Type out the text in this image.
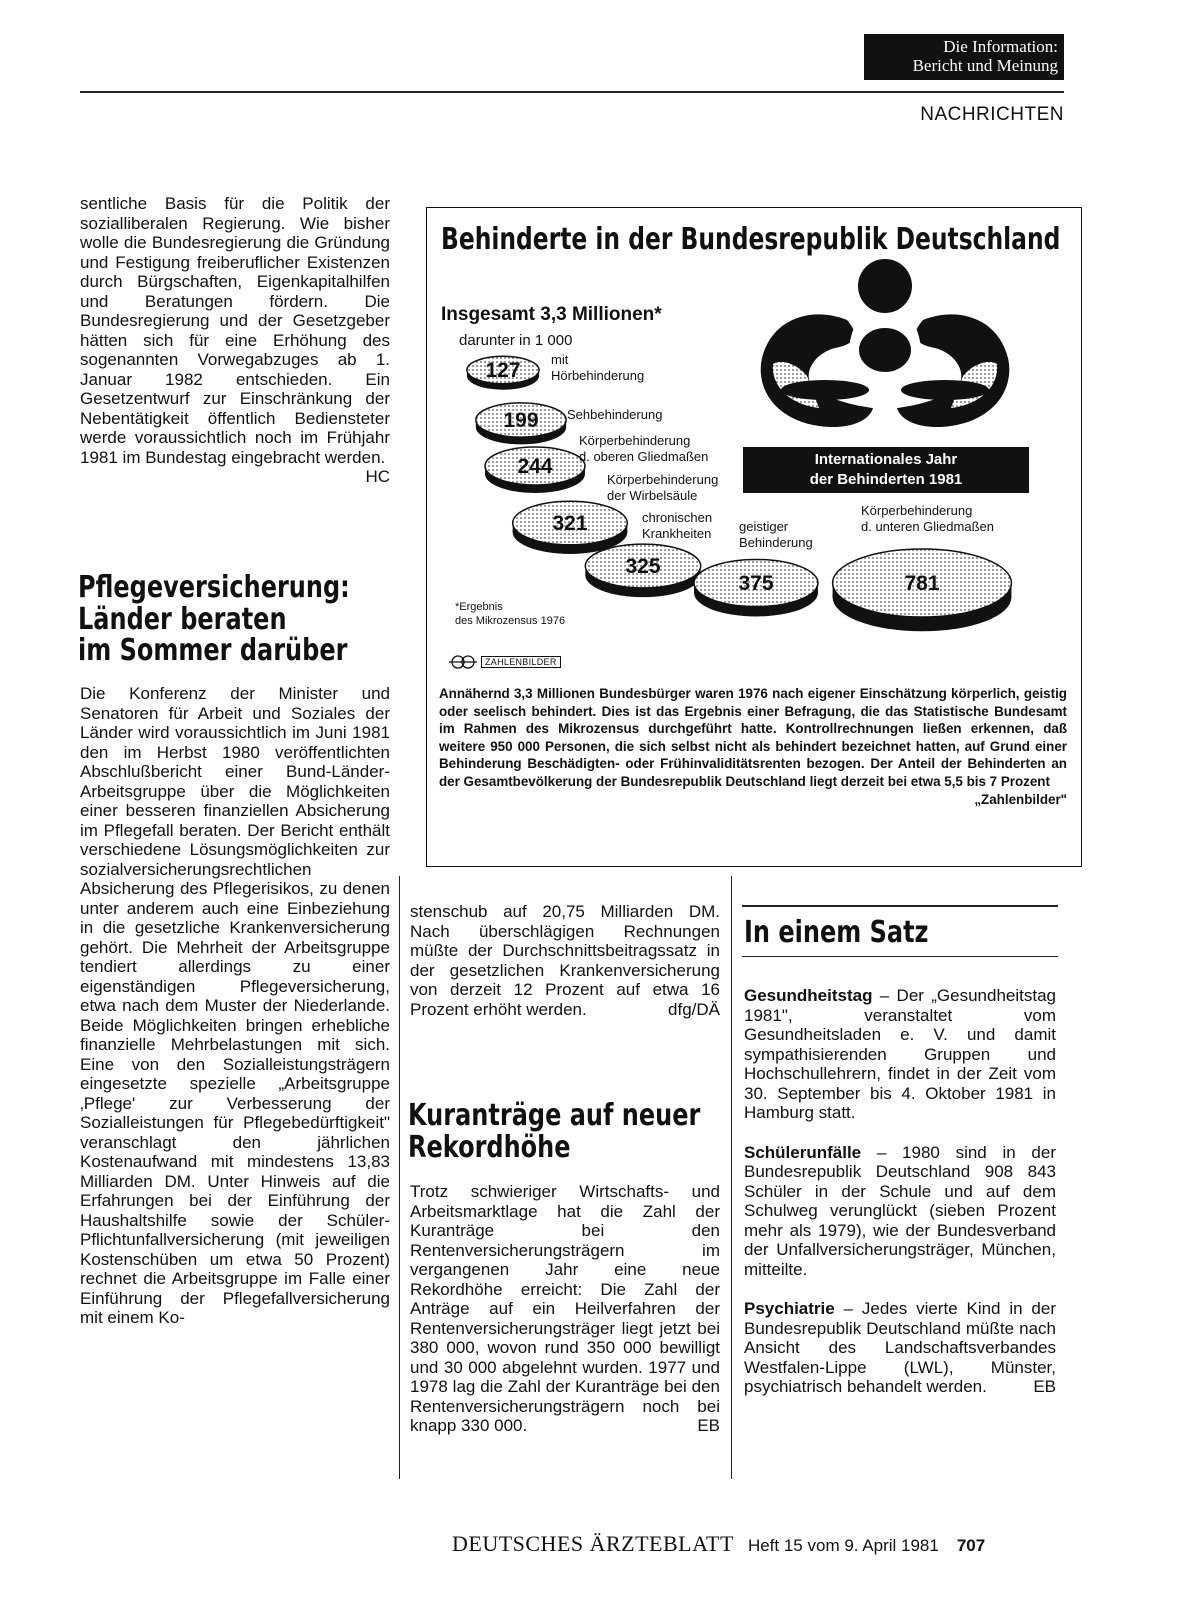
Die Information:
Bericht und Meinung
NACHRICHTEN

sentliche Basis für die Politik der sozialliberalen Regierung. Wie bisher wolle die Bundesregierung die Gründung und Festigung freiberuflicher Existenzen durch Bürgschaften, Eigenkapitalhilfen und Beratungen fördern. Die Bundesregierung und der Gesetzgeber hätten sich für eine Erhöhung des sogenannten Vorwegabzuges ab 1. Januar 1982 entschieden. Ein Gesetzentwurf zur Einschränkung der Nebentätigkeit öffentlich Bediensteter werde voraussichtlich noch im Frühjahr 1981 im Bundestag eingebracht werden.
HC

Pflegeversicherung:
Länder beraten
im Sommer darüber

Die Konferenz der Minister und Senatoren für Arbeit und Soziales der Länder wird voraussichtlich im Juni 1981 den im Herbst 1980 veröffentlichten Abschlußbericht einer Bund-Länder-Arbeitsgruppe über die Möglichkeiten einer besseren finanziellen Absicherung im Pflegefall beraten. Der Bericht enthält verschiedene Lösungsmöglichkeiten zur sozialversicherungsrechtlichen Absicherung des Pflegerisikos, zu denen unter anderem auch eine Einbeziehung in die gesetzliche Krankenversicherung gehört. Die Mehrheit der Arbeitsgruppe tendiert allerdings zu einer eigenständigen Pflegeversicherung, etwa nach dem Muster der Niederlande. Beide Möglichkeiten bringen erhebliche finanzielle Mehrbelastungen mit sich. Eine von den Sozialleistungsträgern eingesetzte spezielle „Arbeitsgruppe ‚Pflege' zur Verbesserung der Sozialleistungen für Pflegebedürftigkeit" veranschlagt den jährlichen Kostenaufwand mit mindestens 13,83 Milliarden DM. Unter Hinweis auf die Erfahrungen bei der Einführung der Haushaltshilfe sowie der Schüler-Pflichtunfallversicherung (mit jeweiligen Kostenschüben um etwa 50 Prozent) rechnet die Arbeitsgruppe im Falle einer Einführung der Pflegefallversicherung mit einem Ko-

Behinderte in der Bundesrepublik Deutschland
Insgesamt 3,3 Millionen*
darunter in 1 000
127
199
244
321
325
375	781
mit
Hörbehinderung
Sehbehinderung
Körperbehinderung
d. oberen Gliedmaßen
Körperbehinderung
der Wirbelsäule
chronischen
Krankheiten geistiger
Behinderung
Körperbehinderung
d. unteren Gliedmaßen
Internationales Jahr
der Behinderten 1981
*Ergebnis
des Mikrozensus 1976
ZAHLENBILDER
Annähernd 3,3 Millionen Bundesbürger waren 1976 nach eigener Einschätzung körperlich, geistig oder seelisch behindert. Dies ist das Ergebnis einer Befragung, die das Statistische Bundesamt im Rahmen des Mikrozensus durchgeführt hatte. Kontrollrechnungen ließen erkennen, daß weitere 950 000 Personen, die sich selbst nicht als behindert bezeichnet hatten, auf Grund einer Behinderung Beschädigten- oder Frühinvaliditätsrenten bezogen. Der Anteil der Behinderten an der Gesamtbevölkerung der Bundesrepublik Deutschland liegt derzeit bei etwa 5,5 bis 7 Prozent
„Zahlenbilder"

stenschub auf 20,75 Milliarden DM. Nach überschlägigen Rechnungen müßte der Durchschnittsbeitragssatz in der gesetzlichen Krankenversicherung von derzeit 12 Prozent auf etwa 16 Prozent erhöht werden.	dfg/DÄ

Kuranträge auf neuer
Rekordhöhe

Trotz schwieriger Wirtschafts- und Arbeitsmarktlage hat die Zahl der Kuranträge bei den Rentenversicherungsträgern im vergangenen Jahr eine neue Rekordhöhe erreicht: Die Zahl der Anträge auf ein Heilverfahren der Rentenversicherungsträger liegt jetzt bei 380 000, wovon rund 350 000 bewilligt und 30 000 abgelehnt wurden. 1977 und 1978 lag die Zahl der Kuranträge bei den Rentenversicherungsträgern noch bei knapp 330 000.	EB

In einem Satz

Gesundheitstag – Der „Gesundheitstag 1981", veranstaltet vom Gesundheitsladen e. V. und damit sympathisierenden Gruppen und Hochschullehrern, findet in der Zeit vom 30. September bis 4. Oktober 1981 in Hamburg statt.

Schülerunfälle – 1980 sind in der Bundesrepublik Deutschland 908 843 Schüler in der Schule und auf dem Schulweg verunglückt (sieben Prozent mehr als 1979), wie der Bundesverband der Unfallversicherungsträger, München, mitteilte.

Psychiatrie – Jedes vierte Kind in der Bundesrepublik Deutschland müßte nach Ansicht des Landschaftsverbandes Westfalen-Lippe (LWL), Münster, psychiatrisch behandelt werden.	EB

DEUTSCHES ÄRZTEBLATT Heft 15 vom 9. April 1981 707
